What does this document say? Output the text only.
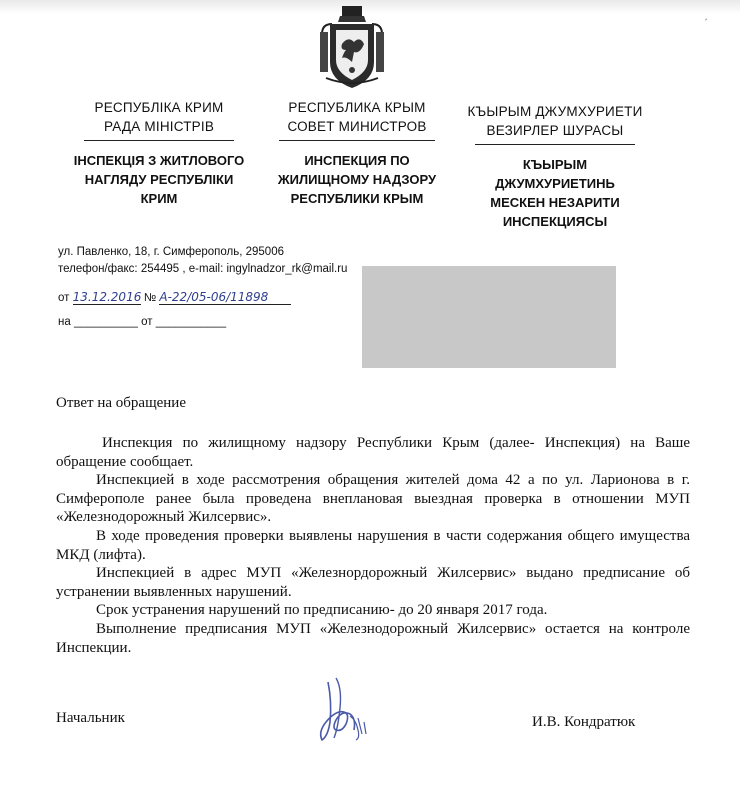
ˊ
РЕСПУБЛІКА КРИМ
РАДА МІНІСТРІВ
ІНСПЕКЦІЯ З ЖИТЛОВОГО
НАГЛЯДУ РЕСПУБЛІКИ
КРИМ
РЕСПУБЛИКА КРЫМ
СОВЕТ МИНИСТРОВ
ИНСПЕКЦИЯ ПО
ЖИЛИЩНОМУ НАДЗОРУ
РЕСПУБЛИКИ КРЫМ
КЪЫРЫМ ДЖУМХУРИЕТИ
ВЕЗИРЛЕР ШУРАСЫ
КЪЫРЫМ
ДЖУМХУРИЕТИНЬ
МЕСКЕН НЕЗАРИТИ
ИНСПЕКЦИЯСЫ
ул. Павленко, 18, г. Симферополь, 295006
телефон/факс: 254495 , e-mail: ingylnadzor_rk@mail.ru
от 13.12.2016 № А-22/05-06/11898
на __________ от ___________
Ответ на обращение

Инспекция по жилищному надзору Республики Крым (далее- Инспекция) на Ваше обращение сообщает.

Инспекцией в ходе рассмотрения обращения жителей дома 42 а по ул. Ларионова в г. Симферополе ранее была проведена внеплановая выездная проверка в отношении МУП «Железнодорожный Жилсервис».

В ходе проведения проверки выявлены нарушения в части содержания общего имущества МКД (лифта).

Инспекцией в адрес МУП «Железнордорожный Жилсервис» выдано предписание об устранении выявленных нарушений.

Срок устранения нарушений по предписанию- до 20 января 2017 года.

Выполнение предписания МУП «Железнодорожный Жилсервис» остается на контроле Инспекции.

Начальник	И.В. Кондратюк
